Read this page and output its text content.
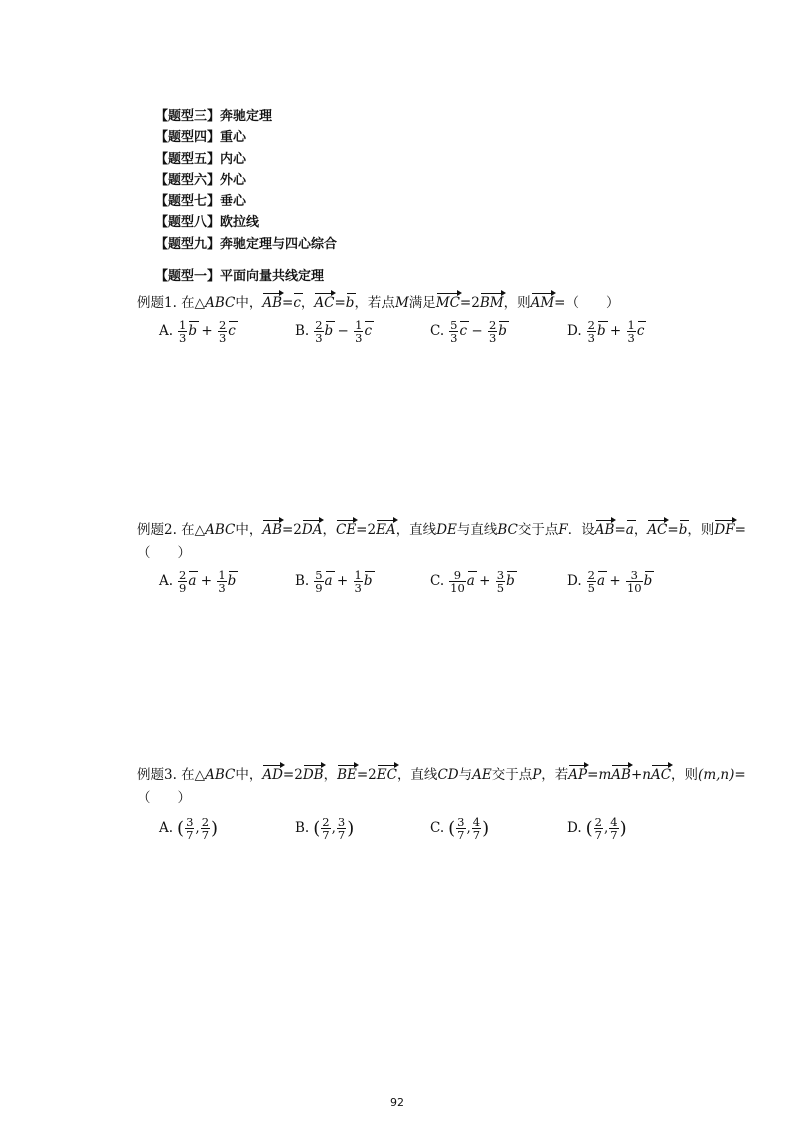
【题型三】奔驰定理
【题型四】重心
【题型五】内心
【题型六】外心
【题型七】垂心
【题型八】欧拉线
【题型九】奔驰定理与四心综合
【题型一】平面向量共线定理
例题1. 在△ABC中，AB=c，AC=b，若点M满足MC=2BM，则AM=（　　）
A. $\frac{1}{3}$ $b + \frac{2}{3}$ c	B. $\frac{2}{3}$ $b - \frac{1}{3}$ c	C. $\frac{5}{3}$ $c - \frac{2}{3}$ b	D. $\frac{2}{3}$ $b + \frac{1}{3}$ c
例题2. 在△ABC中，AB=2DA，CE=2EA，直线DE与直线BC交于点F．设AB=a，AC=b，则DF=（　　）
A. $\frac{2}{9}$ $a + \frac{1}{3}$ b	B. $\frac{5}{9}$ $a + \frac{1}{3}$ b	C. $\frac{9}{10}$ $a + \frac{3}{5}$ b	D. $\frac{2}{5}$ $a + \frac{3}{10}$ b
例题3. 在△ABC中，AD=2DB，BE=2EC，直线CD与AE交于点P，若AP=mAB+nAC，则(m,n)=（　　）
A. ( $\frac{3}{7}$ , $\frac{2}{7}$ )	B. ( $\frac{2}{7}$ , $\frac{3}{7}$ )	C. ( $\frac{3}{7}$ , $\frac{4}{7}$ )	D. ( $\frac{2}{7}$ , $\frac{4}{7}$ )
92
